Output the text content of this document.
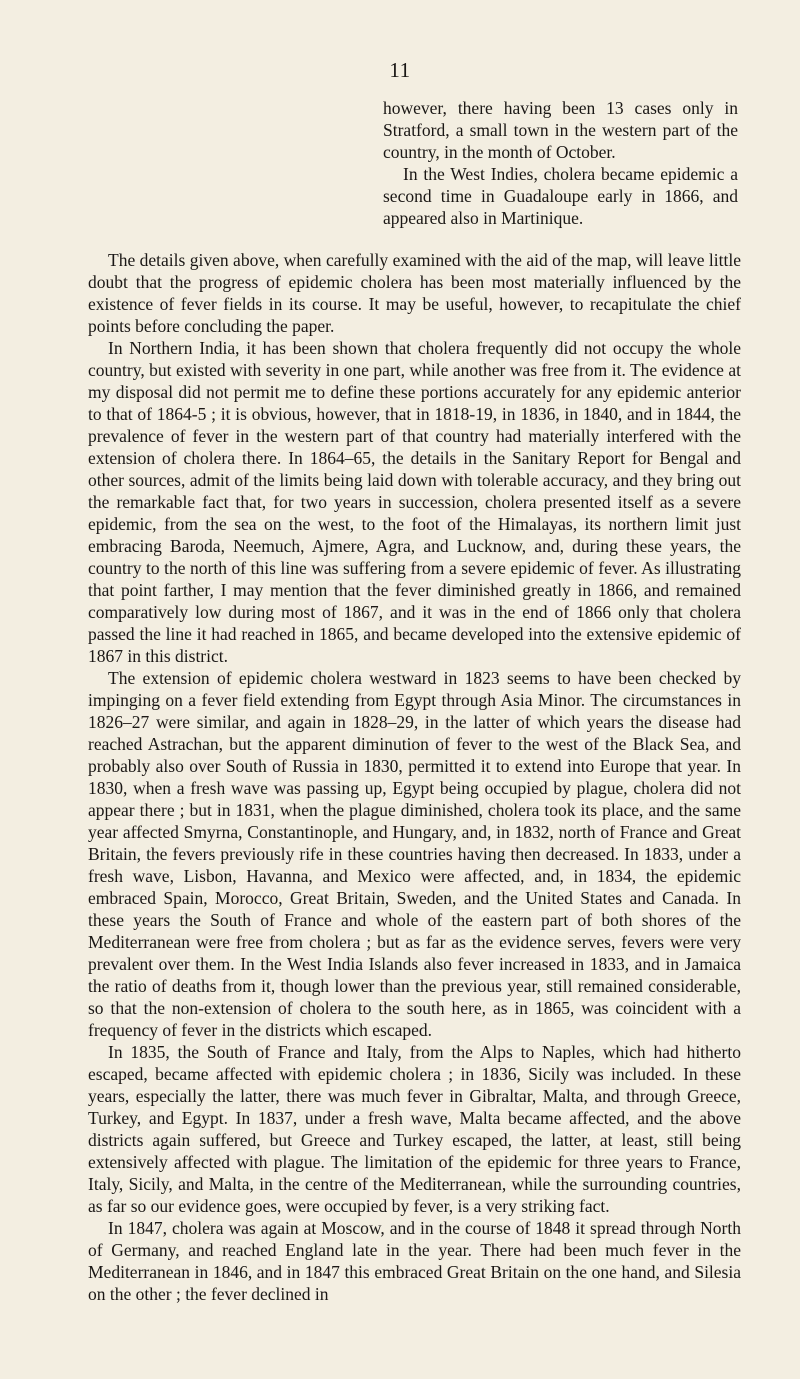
11

however, there having been 13 cases only in Stratford, a small town in the western part of the country, in the month of October.

In the West Indies, cholera became epidemic a second time in Guadaloupe early in 1866, and appeared also in Martinique.

The details given above, when carefully examined with the aid of the map, will leave little doubt that the progress of epidemic cholera has been most materially influenced by the existence of fever fields in its course. It may be useful, however, to recapitulate the chief points before concluding the paper.

In Northern India, it has been shown that cholera frequently did not occupy the whole country, but existed with severity in one part, while another was free from it. The evidence at my disposal did not permit me to define these portions accurately for any epidemic anterior to that of 1864-5 ; it is obvious, however, that in 1818-19, in 1836, in 1840, and in 1844, the prevalence of fever in the western part of that country had materially interfered with the extension of cholera there. In 1864–65, the details in the Sanitary Report for Bengal and other sources, admit of the limits being laid down with tolerable accuracy, and they bring out the remarkable fact that, for two years in succession, cholera presented itself as a severe epidemic, from the sea on the west, to the foot of the Himalayas, its northern limit just embracing Baroda, Neemuch, Ajmere, Agra, and Lucknow, and, during these years, the country to the north of this line was suffering from a severe epidemic of fever. As illustrating that point farther, I may mention that the fever diminished greatly in 1866, and remained comparatively low during most of 1867, and it was in the end of 1866 only that cholera passed the line it had reached in 1865, and became developed into the extensive epidemic of 1867 in this district.

The extension of epidemic cholera westward in 1823 seems to have been checked by impinging on a fever field extending from Egypt through Asia Minor. The circumstances in 1826–27 were similar, and again in 1828–29, in the latter of which years the disease had reached Astrachan, but the apparent diminution of fever to the west of the Black Sea, and probably also over South of Russia in 1830, permitted it to extend into Europe that year. In 1830, when a fresh wave was passing up, Egypt being occupied by plague, cholera did not appear there ; but in 1831, when the plague diminished, cholera took its place, and the same year affected Smyrna, Constantinople, and Hungary, and, in 1832, north of France and Great Britain, the fevers previously rife in these countries having then decreased. In 1833, under a fresh wave, Lisbon, Havanna, and Mexico were affected, and, in 1834, the epidemic embraced Spain, Morocco, Great Britain, Sweden, and the United States and Canada. In these years the South of France and whole of the eastern part of both shores of the Mediterranean were free from cholera ; but as far as the evidence serves, fevers were very prevalent over them. In the West India Islands also fever increased in 1833, and in Jamaica the ratio of deaths from it, though lower than the previous year, still remained considerable, so that the non-extension of cholera to the south here, as in 1865, was coincident with a frequency of fever in the districts which escaped.

In 1835, the South of France and Italy, from the Alps to Naples, which had hitherto escaped, became affected with epidemic cholera ; in 1836, Sicily was included. In these years, especially the latter, there was much fever in Gibraltar, Malta, and through Greece, Turkey, and Egypt. In 1837, under a fresh wave, Malta became affected, and the above districts again suffered, but Greece and Turkey escaped, the latter, at least, still being extensively affected with plague. The limitation of the epidemic for three years to France, Italy, Sicily, and Malta, in the centre of the Mediterranean, while the surrounding countries, as far so our evidence goes, were occupied by fever, is a very striking fact.

In 1847, cholera was again at Moscow, and in the course of 1848 it spread through North of Germany, and reached England late in the year. There had been much fever in the Mediterranean in 1846, and in 1847 this embraced Great Britain on the one hand, and Silesia on the other ; the fever declined in
